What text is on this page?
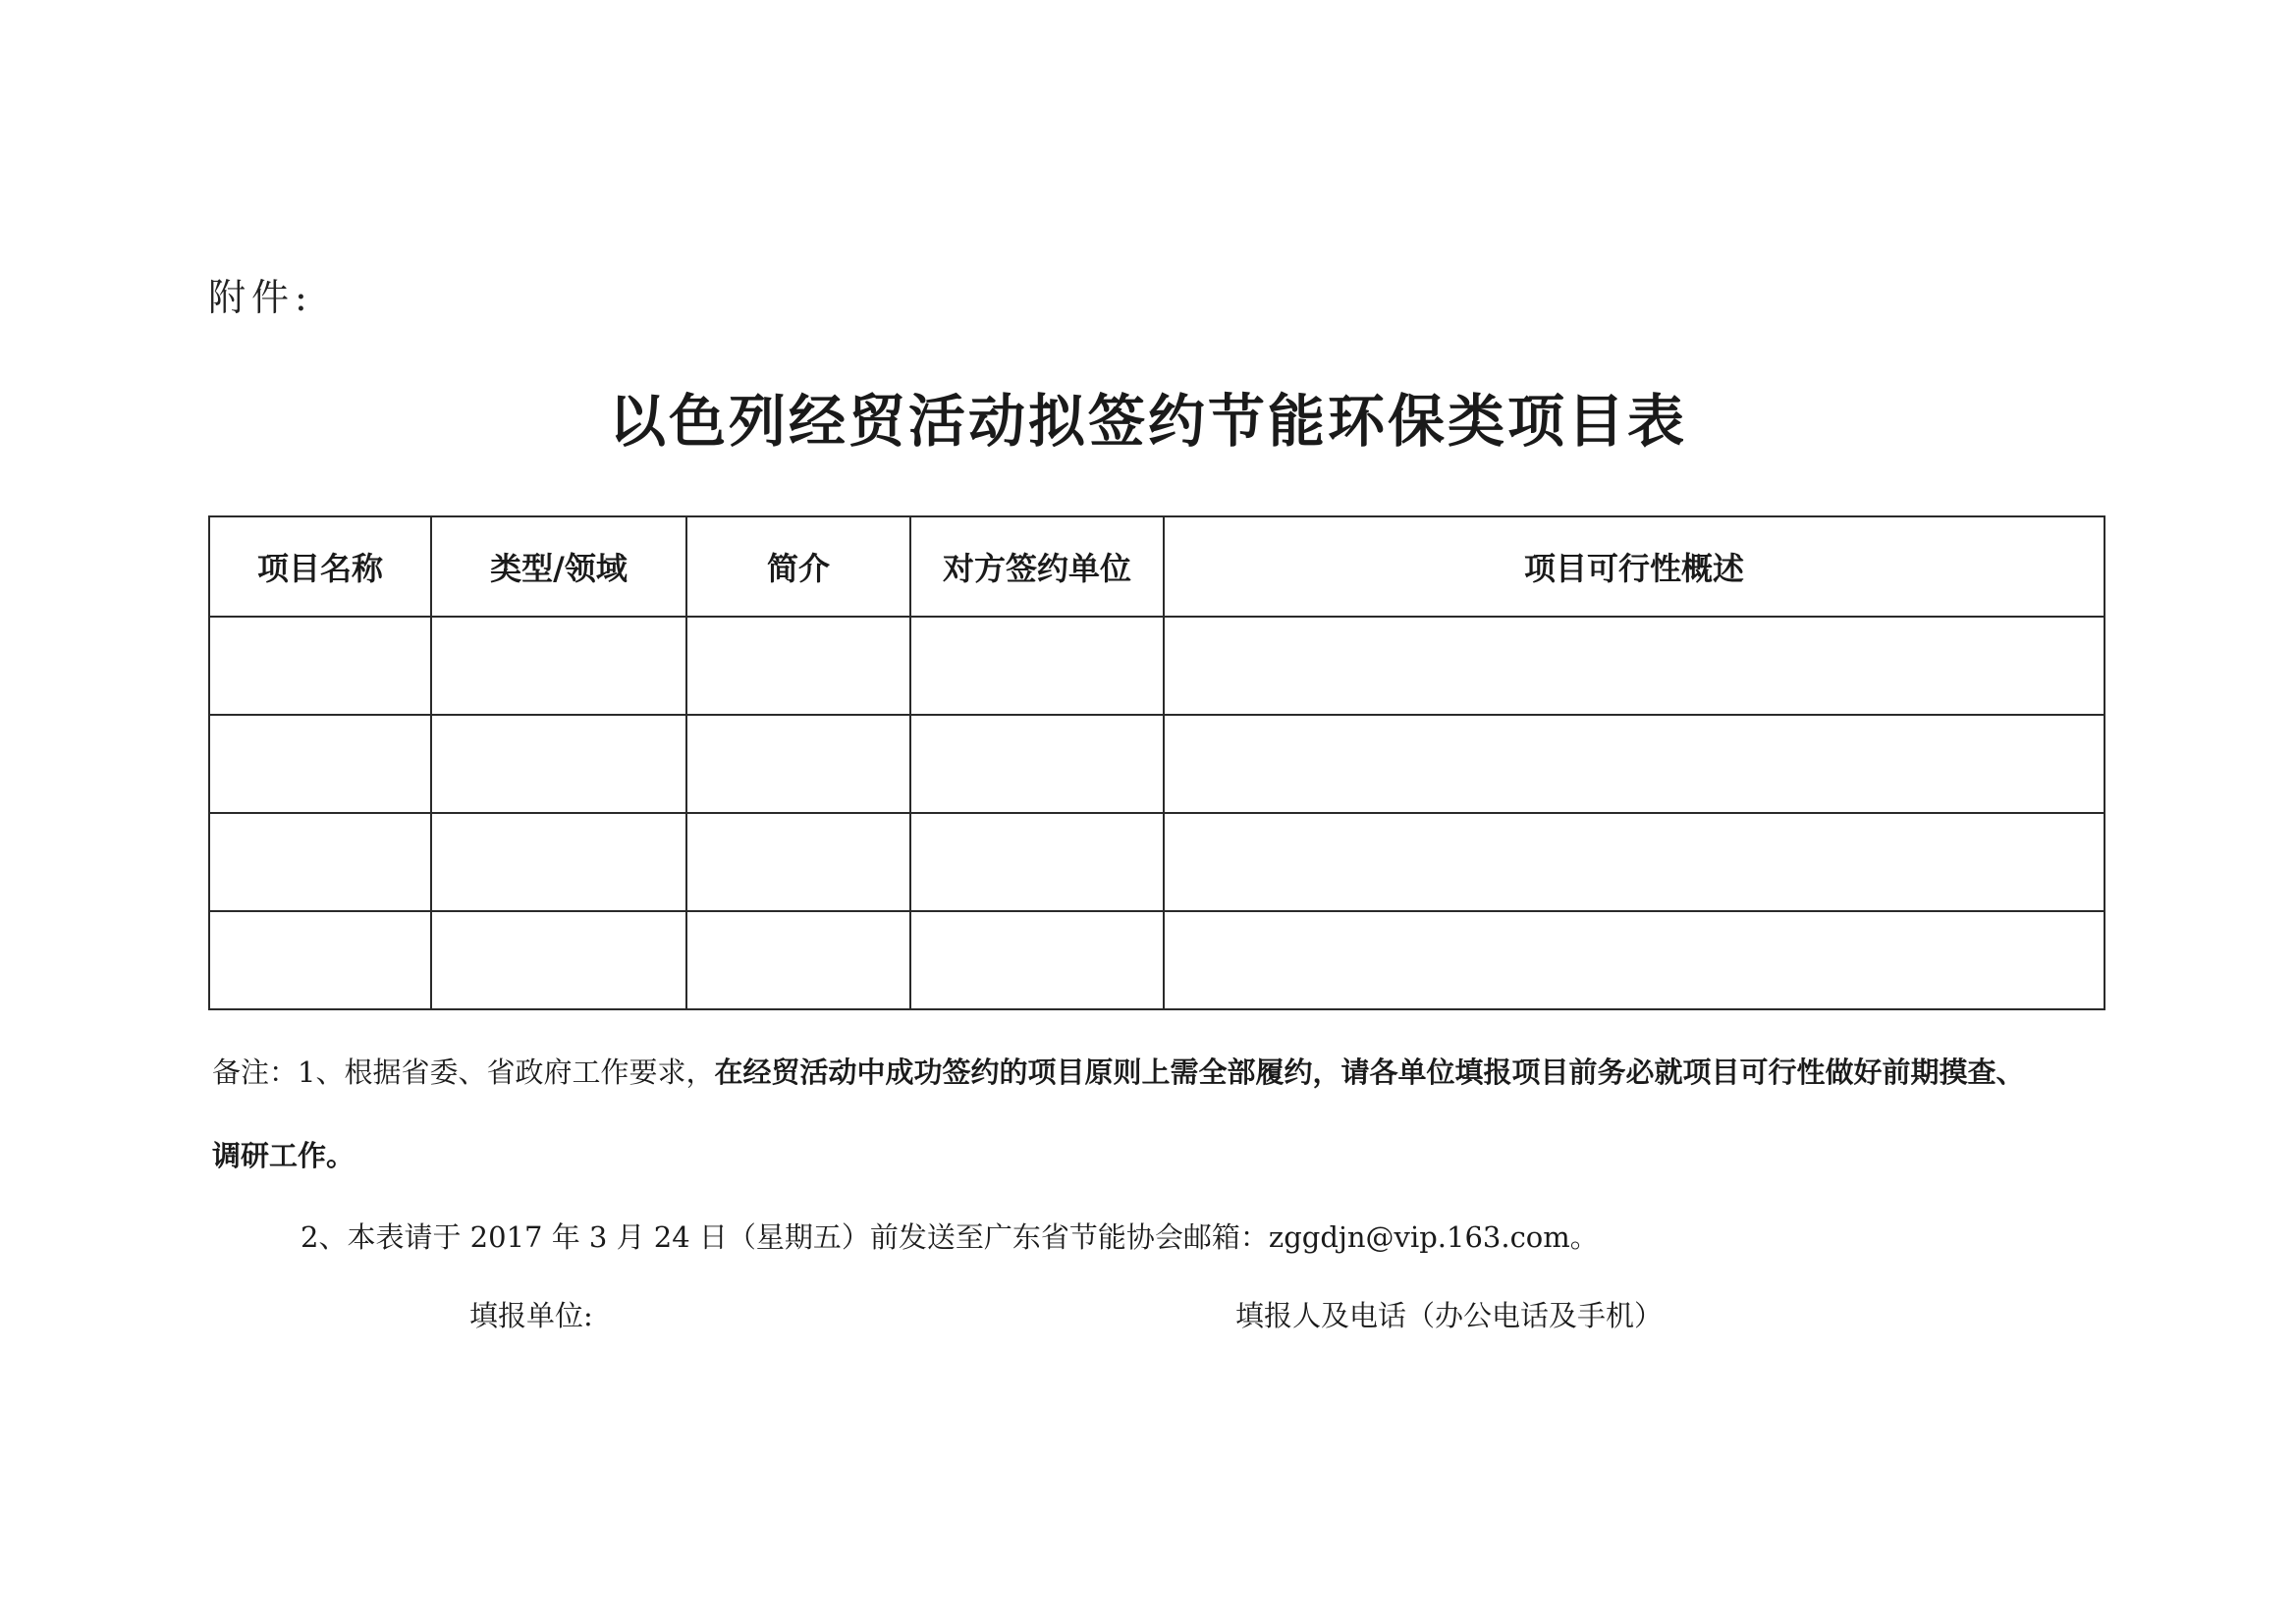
附件:
以色列经贸活动拟签约节能环保类项目表
项目名称	类型/领域	简介	对方签约单位	项目可行性概述

备注：1、根据省委、省政府工作要求，在经贸活动中成功签约的项目原则上需全部履约，请各单位填报项目前务必就项目可行性做好前期摸查、
调研工作。
2、本表请于 2017 年 3 月 24 日（星期五）前发送至广东省节能协会邮箱：zggdjn@vip.163.com。
填报单位:	填报人及电话（办公电话及手机）
